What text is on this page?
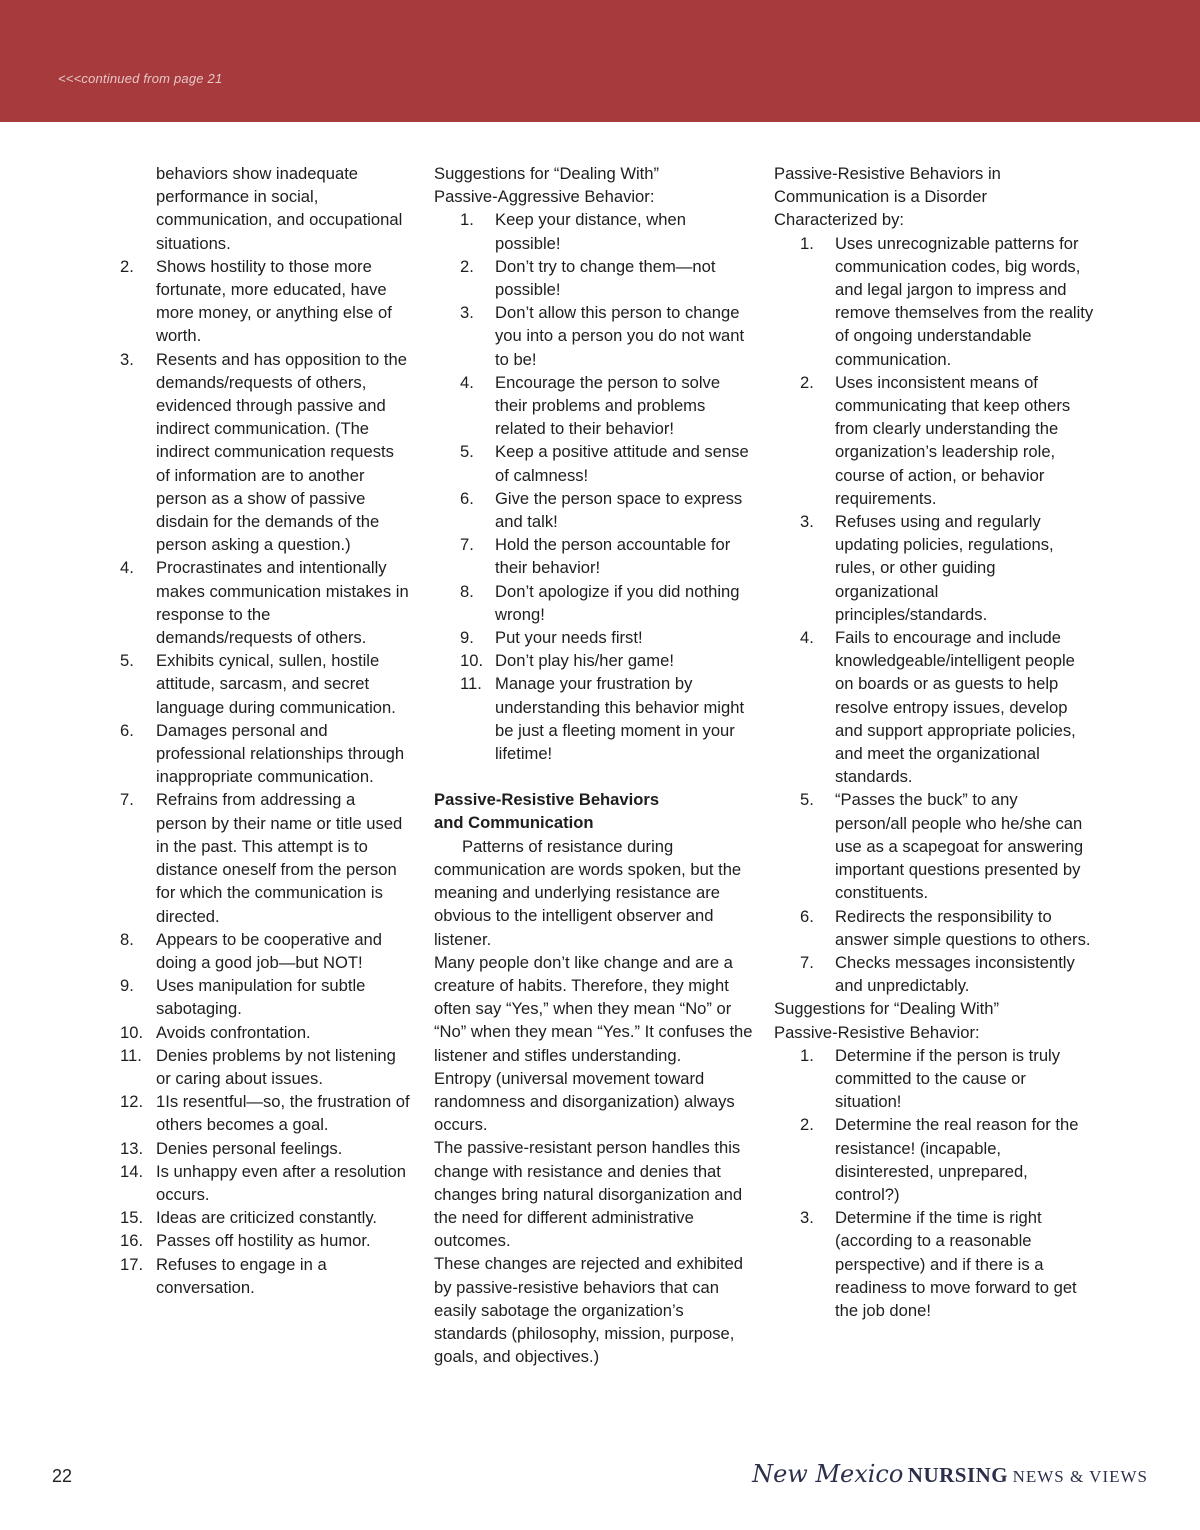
<<<continued from page 21
behaviors show inadequate performance in social, communication, and occupational situations.
2.	Shows hostility to those more fortunate, more educated, have more money, or anything else of worth.
3.	Resents and has opposition to the demands/requests of others, evidenced through passive and indirect communication. (The indirect communication requests of information are to another person as a show of passive disdain for the demands of the person asking a question.)
4.	Procrastinates and intentionally makes communication mistakes in response to the demands/requests of others.
5.	Exhibits cynical, sullen, hostile attitude, sarcasm, and secret language during communication.
6.	Damages personal and professional relationships through inappropriate communication.
7.	Refrains from addressing a person by their name or title used in the past. This attempt is to distance oneself from the person for which the communication is directed.
8.	Appears to be cooperative and doing a good job—but NOT!
9.	Uses manipulation for subtle sabotaging.
10. Avoids confrontation.
11. Denies problems by not listening or caring about issues.
12. 1Is resentful—so, the frustration of others becomes a goal.
13. Denies personal feelings.
14. Is unhappy even after a resolution occurs.
15. Ideas are criticized constantly.
16. Passes off hostility as humor.
17. Refuses to engage in a conversation.
Suggestions for “Dealing With”
Passive-Aggressive Behavior:
1.	Keep your distance, when possible!
2.	Don’t try to change them—not possible!
3.	Don’t allow this person to change you into a person you do not want to be!
4.	Encourage the person to solve their problems and problems related to their behavior!
5.	Keep a positive attitude and sense of calmness!
6.	Give the person space to express and talk!
7.	Hold the person accountable for their behavior!
8.	Don’t apologize if you did nothing wrong!
9.	Put your needs first!
10. Don’t play his/her game!
11. Manage your frustration by understanding this behavior might be just a fleeting moment in your lifetime!
Passive-Resistive Behaviors
and Communication
Patterns of resistance during communication are words spoken, but the meaning and underlying resistance are obvious to the intelligent observer and listener.
Many people don’t like change and are a creature of habits. Therefore, they might often say “Yes,” when they mean “No” or “No” when they mean “Yes.” It confuses the listener and stifles understanding.
Entropy (universal movement toward randomness and disorganization) always occurs.
The passive-resistant person handles this change with resistance and denies that changes bring natural disorganization and the need for different administrative outcomes.
These changes are rejected and exhibited by passive-resistive behaviors that can easily sabotage the organization’s standards (philosophy, mission, purpose, goals, and objectives.)
Passive-Resistive Behaviors in
Communication is a Disorder
Characterized by:
1.	Uses unrecognizable patterns for communication codes, big words, and legal jargon to impress and remove themselves from the reality of ongoing understandable communication.
2.	Uses inconsistent means of communicating that keep others from clearly understanding the organization’s leadership role, course of action, or behavior requirements.
3.	Refuses using and regularly updating policies, regulations, rules, or other guiding organizational principles/standards.
4.	Fails to encourage and include knowledgeable/intelligent people on boards or as guests to help resolve entropy issues, develop and support appropriate policies, and meet the organizational standards.
5.	“Passes the buck” to any person/all people who he/she can use as a scapegoat for answering important questions presented by constituents.
6.	Redirects the responsibility to answer simple questions to others.
7.	Checks messages inconsistently and unpredictably.
Suggestions for “Dealing With”
Passive-Resistive Behavior:
1.	Determine if the person is truly committed to the cause or situation!
2.	Determine the real reason for the resistance! (incapable, disinterested, unprepared, control?)
3.	Determine if the time is right (according to a reasonable perspective) and if there is a readiness to move forward to get the job done!
22	New Mexico NURSING NEWS & VIEWS
